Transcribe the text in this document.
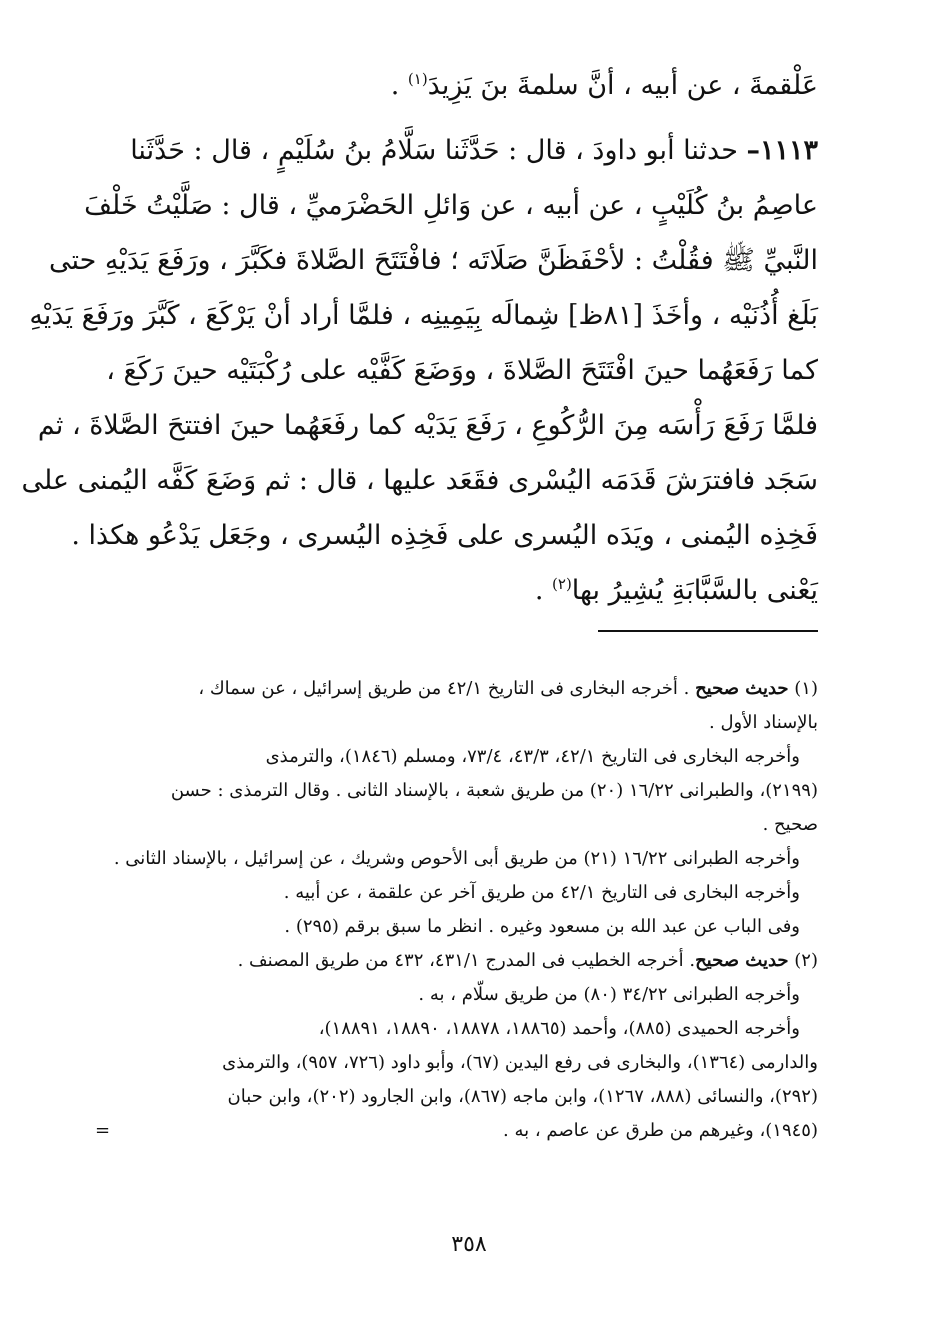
عَلْقمةَ ، عن أبيه ، أنَّ سلمةَ بنَ يَزِيدَ$^{(١)}$ .
١١١٣– حدثنا أبو داودَ ، قال : حَدَّثَنا سَلَّامُ بنُ سُلَيْمٍ ، قال : حَدَّثَنا
عاصِمُ بنُ كُلَيْبٍ ، عن أبيه ، عن وَائلِ الحَضْرَميِّ ، قال : صَلَّيْتُ خَلْفَ
النَّبيِّ ﷺ فقُلْتُ : لأحْفَظَنَّ صَلَاتَه ؛ فافْتَتَحَ الصَّلاةَ فكَبَّرَ ، ورَفَعَ يَدَيْهِ حتى
بَلَغ أُذُنَيْه ، وأخَذَ [٨١ظ] شِمالَه بِيَمِينِه ، فلمَّا أراد أنْ يَرْكَعَ ، كَبَّرَ ورَفَعَ يَدَيْهِ
كما رَفَعَهُما حينَ افْتَتَحَ الصَّلاةَ ، ووَضَعَ كَفَّيْه على رُكْبَتَيْه حينَ رَكَعَ ،
فلمَّا رَفَعَ رَأْسَه مِنَ الرُّكُوعِ ، رَفَعَ يَدَيْه كما رفَعَهُما حينَ افتتحَ الصَّلاةَ ، ثم
سَجَد فافترَشَ قَدَمَه اليُسْرى فقَعَد عليها ، قال : ثم وَضَعَ كَفَّه اليُمنى على
فَخِذِه اليُمنى ، ويَدَه اليُسرى على فَخِذِه اليُسرى ، وجَعَل يَدْعُو هكذا .
يَعْنى بالسَّبَّابَةِ يُشِيرُ بها$^{(٢)}$ .
(١) حديث صحيح . أخرجه البخارى فى التاريخ ٤٢/١ من طريق إسرائيل ، عن سماك ،
بالإسناد الأول .
وأخرجه البخارى فى التاريخ ٤٢/١، ٤٣/٣، ٧٣/٤، ومسلم (١٨٤٦)، والترمذى
(٢١٩٩)، والطبرانى ١٦/٢٢ (٢٠) من طريق شعبة ، بالإسناد الثانى . وقال الترمذى : حسن
صحيح .
وأخرجه الطبرانى ١٦/٢٢ (٢١) من طريق أبى الأحوص وشريك ، عن إسرائيل ، بالإسناد الثانى .
وأخرجه البخارى فى التاريخ ٤٢/١ من طريق آخر عن علقمة ، عن أبيه .
وفى الباب عن عبد الله بن مسعود وغيره . انظر ما سبق برقم (٢٩٥) .
(٢) حديث صحيح. أخرجه الخطيب فى المدرج ٤٣١/١، ٤٣٢ من طريق المصنف .
وأخرجه الطبرانى ٣٤/٢٢ (٨٠) من طريق سلّام ، به .
وأخرجه الحميدى (٨٨٥)، وأحمد (١٨٨٦٥، ١٨٨٧٨، ١٨٨٩٠، ١٨٨٩١)،
والدارمى (١٣٦٤)، والبخارى فى رفع اليدين (٦٧)، وأبو داود (٧٢٦، ٩٥٧)، والترمذى
(٢٩٢)، والنسائى (٨٨٨، ١٢٦٧)، وابن ماجه (٨٦٧)، وابن الجارود (٢٠٢)، وابن حبان
(١٩٤٥)، وغيرهم من طرق عن عاصم ، به .
=
٣٥٨
